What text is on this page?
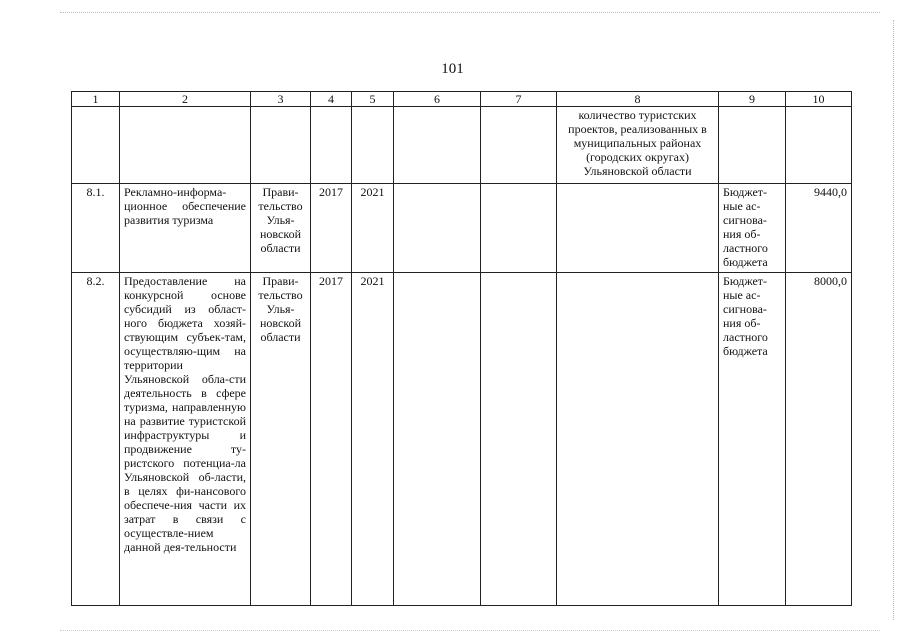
101
1	2	3	4	5	6	7	8	9	10
							количество туристских проектов, реализованных в муниципальных районах (городских округах) Ульяновской области		
8.1.	Рекламно-информа-ционное обеспечение развития туризма	Прави-тельство Улья-новской области	2017	2021				Бюджет-ные ас-сигнова-ния об-ластного бюджета	9440,0
8.2.	Предоставление на конкурсной основе субсидий из област-ного бюджета хозяй-ствующим субъек-там, осуществляю-щим на территории Ульяновской обла-сти деятельность в сфере туризма, направленную на развитие туристской инфраструктуры и продвижение ту-ристского потенциа-ла Ульяновской об-ласти, в целях фи-нансового обеспече-ния части их затрат в связи с осуществле-нием данной дея-тельности	Прави-тельство Улья-новской области	2017	2021				Бюджет-ные ас-сигнова-ния об-ластного бюджета	8000,0
